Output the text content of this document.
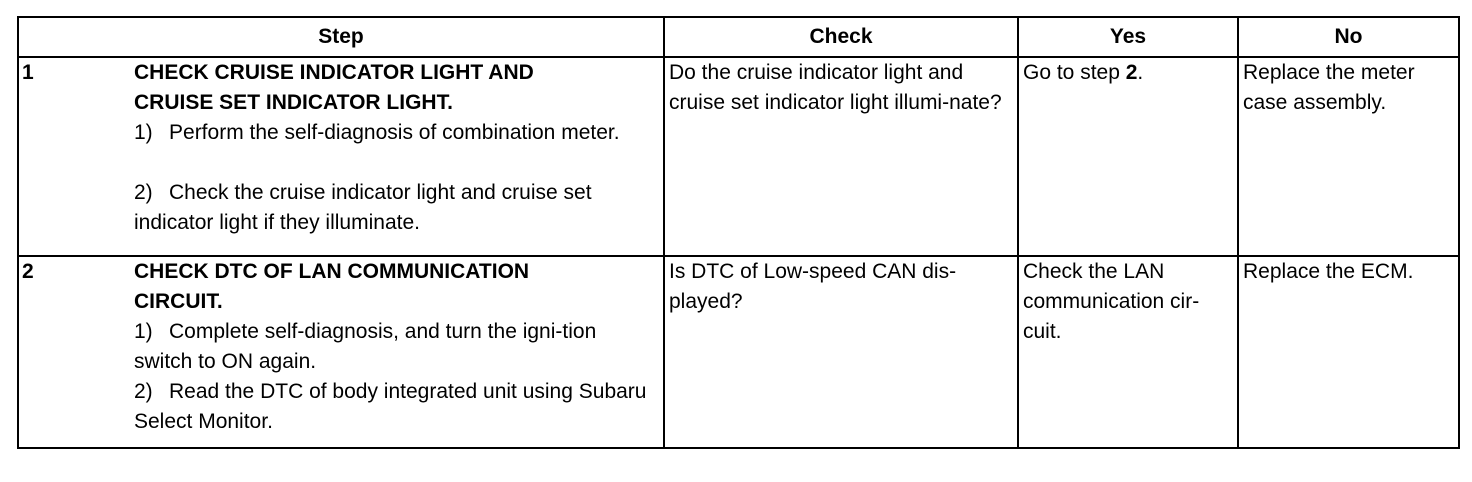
Step	Check	Yes	No

1 CHECK CRUISE INDICATOR LIGHT AND

CRUISE SET INDICATOR LIGHT.

1)  Perform the self-diagnosis of combination meter.

2)  Check the cruise indicator light and cruise set indicator light if they illuminate.	Do the cruise indicator light and cruise set indicator light illumi-nate?	Go to step 2.	Replace the meter case assembly.

2 CHECK DTC OF LAN COMMUNICATION

CIRCUIT.

1)  Complete self-diagnosis, and turn the igni-tion switch to ON again.

2)  Read the DTC of body integrated unit using Subaru Select Monitor.	Is DTC of Low-speed CAN dis-played?	Check the LAN communication cir-cuit.	Replace the ECM.
